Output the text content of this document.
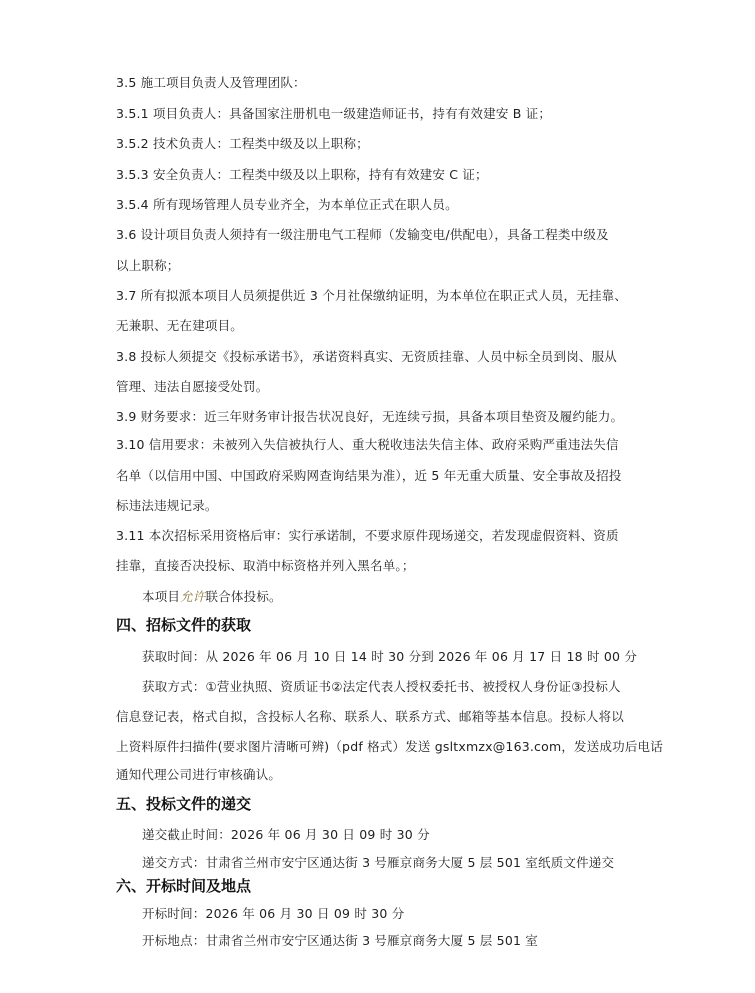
3.5 施工项目负责人及管理团队：
3.5.1 项目负责人：具备国家注册机电一级建造师证书，持有有效建安 B 证；
3.5.2 技术负责人：工程类中级及以上职称；
3.5.3 安全负责人：工程类中级及以上职称，持有有效建安 C 证；
3.5.4 所有现场管理人员专业齐全，为本单位正式在职人员。
3.6 设计项目负责人须持有一级注册电气工程师（发输变电/供配电），具备工程类中级及
以上职称；
3.7 所有拟派本项目人员须提供近 3 个月社保缴纳证明，为本单位在职正式人员，无挂靠、
无兼职、无在建项目。
3.8 投标人须提交《投标承诺书》，承诺资料真实、无资质挂靠、人员中标全员到岗、服从
管理、违法自愿接受处罚。
3.9 财务要求：近三年财务审计报告状况良好，无连续亏损，具备本项目垫资及履约能力。
3.10 信用要求：未被列入失信被执行人、重大税收违法失信主体、政府采购严重违法失信
名单（以信用中国、中国政府采购网查询结果为准），近 5 年无重大质量、安全事故及招投
标违法违规记录。
3.11 本次招标采用资格后审：实行承诺制，不要求原件现场递交，若发现虚假资料、资质
挂靠，直接否决投标、取消中标资格并列入黑名单。；
本项目允许联合体投标。
四、招标文件的获取
获取时间：从 2026 年 06 月 10 日 14 时 30 分到 2026 年 06 月 17 日 18 时 00 分
获取方式：①营业执照、资质证书②法定代表人授权委托书、被授权人身份证③投标人
信息登记表，格式自拟，含投标人名称、联系人、联系方式、邮箱等基本信息。投标人将以
上资料原件扫描件(要求图片清晰可辨)（pdf 格式）发送 gsltxmzx@163.com，发送成功后电话
通知代理公司进行审核确认。
五、投标文件的递交
递交截止时间：2026 年 06 月 30 日 09 时 30 分
递交方式：甘肃省兰州市安宁区通达街 3 号雁京商务大厦 5 层 501 室纸质文件递交
六、开标时间及地点
开标时间：2026 年 06 月 30 日 09 时 30 分
开标地点：甘肃省兰州市安宁区通达街 3 号雁京商务大厦 5 层 501 室
